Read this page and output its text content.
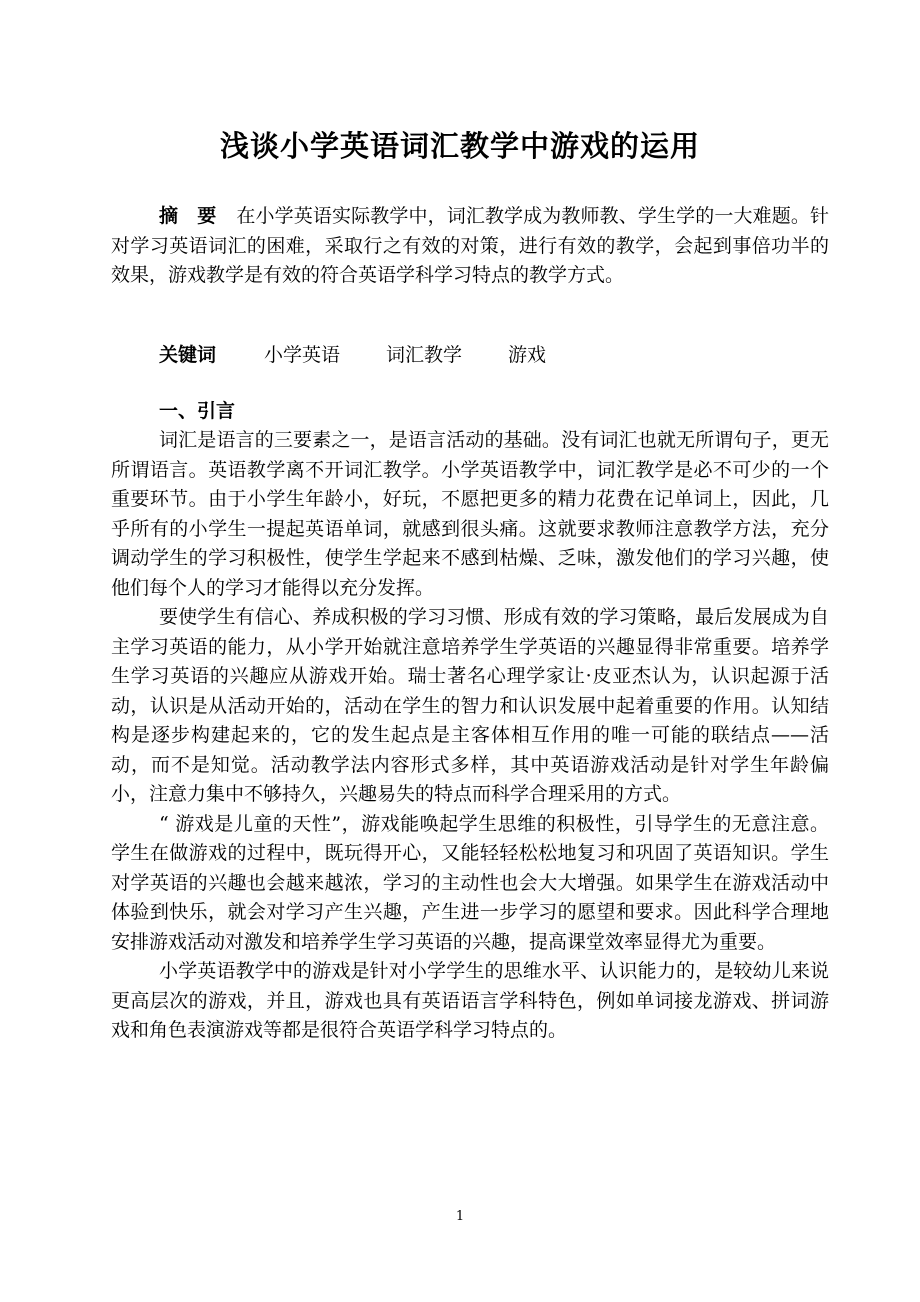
浅谈小学英语词汇教学中游戏的运用
摘　要 在小学英语实际教学中，词汇教学成为教师教、学生学的一大难题。针对学习英语词汇的困难，采取行之有效的对策，进行有效的教学，会起到事倍功半的效果，游戏教学是有效的符合英语学科学习特点的教学方式。
关键词	小学英语 词汇教学 游戏
一、引言

词汇是语言的三要素之一，是语言活动的基础。没有词汇也就无所谓句子，更无所谓语言。英语教学离不开词汇教学。小学英语教学中，词汇教学是必不可少的一个重要环节。由于小学生年龄小，好玩，不愿把更多的精力花费在记单词上，因此，几乎所有的小学生一提起英语单词，就感到很头痛。这就要求教师注意教学方法，充分调动学生的学习积极性，使学生学起来不感到枯燥、乏味，激发他们的学习兴趣，使他们每个人的学习才能得以充分发挥。

要使学生有信心、养成积极的学习习惯、形成有效的学习策略，最后发展成为自主学习英语的能力，从小学开始就注意培养学生学英语的兴趣显得非常重要。培养学生学习英语的兴趣应从游戏开始。瑞士著名心理学家让·皮亚杰认为，认识起源于活动，认识是从活动开始的，活动在学生的智力和认识发展中起着重要的作用。认知结构是逐步构建起来的，它的发生起点是主客体相互作用的唯一可能的联结点——活动，而不是知觉。活动教学法内容形式多样，其中英语游戏活动是针对学生年龄偏小，注意力集中不够持久，兴趣易失的特点而科学合理采用的方式。

“ 游戏是儿童的天性”，游戏能唤起学生思维的积极性，引导学生的无意注意。学生在做游戏的过程中，既玩得开心，又能轻轻松松地复习和巩固了英语知识。学生对学英语的兴趣也会越来越浓，学习的主动性也会大大增强。如果学生在游戏活动中体验到快乐，就会对学习产生兴趣，产生进一步学习的愿望和要求。因此科学合理地安排游戏活动对激发和培养学生学习英语的兴趣，提高课堂效率显得尤为重要。

小学英语教学中的游戏是针对小学学生的思维水平、认识能力的，是较幼儿来说更高层次的游戏，并且，游戏也具有英语语言学科特色，例如单词接龙游戏、拼词游戏和角色表演游戏等都是很符合英语学科学习特点的。

1
